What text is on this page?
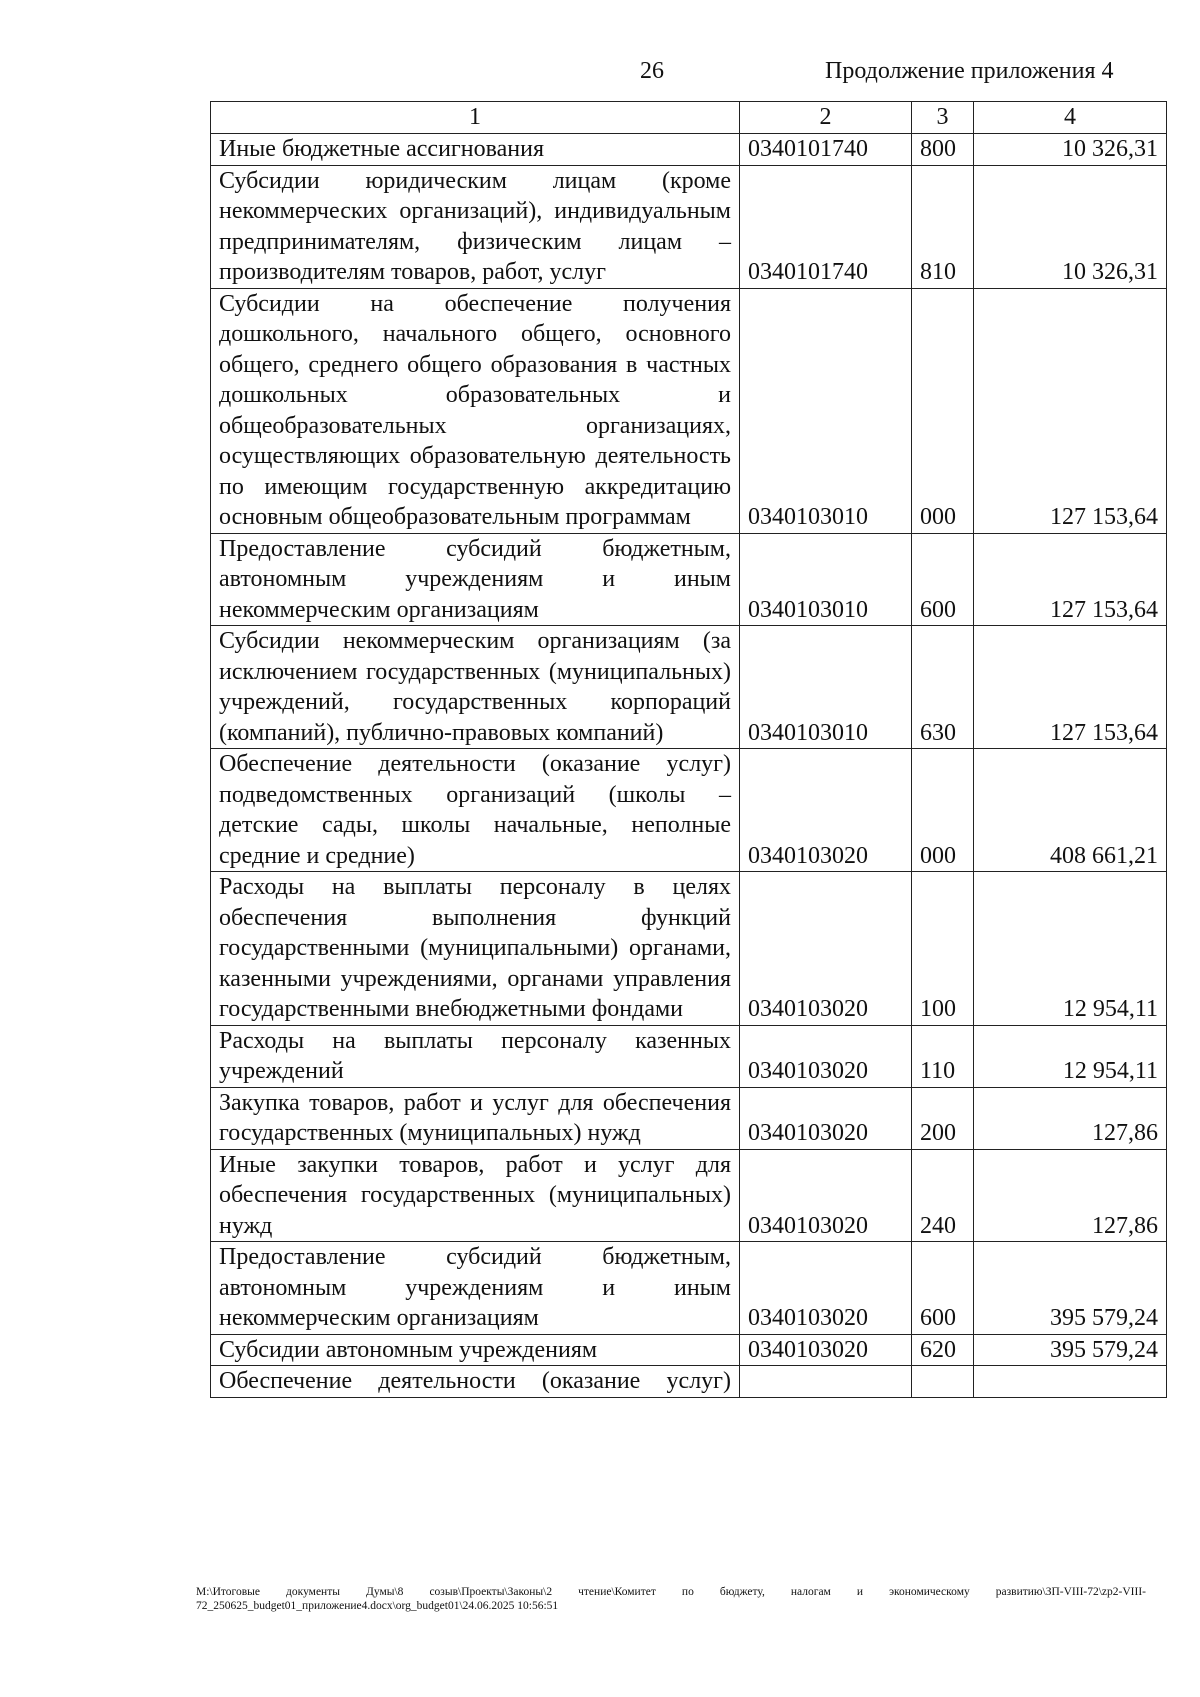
26	Продолжение приложения 4
1	2	3	4
Иные бюджетные ассигнования	0340101740	800	10 326,31
Субсидии юридическим лицам (кроме некоммерческих организаций), индивидуальным предпринимателям, физическим лицам – производителям товаров, работ, услуг	0340101740	810	10 326,31
Субсидии на обеспечение получения дошкольного, начального общего, основного общего, среднего общего образования в частных дошкольных образовательных и общеобразовательных организациях, осуществляющих образовательную деятельность по имеющим государственную аккредитацию основным общеобразовательным программам	0340103010	000	127 153,64
Предоставление субсидий бюджетным, автономным учреждениям и иным некоммерческим организациям	0340103010	600	127 153,64
Субсидии некоммерческим организациям (за исключением государственных (муниципальных) учреждений, государственных корпораций (компаний), публично-правовых компаний)	0340103010	630	127 153,64
Обеспечение деятельности (оказание услуг) подведомственных организаций (школы – детские сады, школы начальные, неполные средние и средние)	0340103020	000	408 661,21
Расходы на выплаты персоналу в целях обеспечения выполнения функций государственными (муниципальными) органами, казенными учреждениями, органами управления государственными внебюджетными фондами	0340103020	100	12 954,11
Расходы на выплаты персоналу казенных учреждений	0340103020	110	12 954,11
Закупка товаров, работ и услуг для обеспечения государственных (муниципальных) нужд	0340103020	200	127,86
Иные закупки товаров, работ и услуг для обеспечения государственных (муниципальных) нужд	0340103020	240	127,86
Предоставление субсидий бюджетным, автономным учреждениям и иным некоммерческим организациям	0340103020	600	395 579,24
Субсидии автономным учреждениям	0340103020	620	395 579,24
Обеспечение деятельности (оказание услуг)			
M:\Итоговые документы Думы\8 созыв\Проекты\Законы\2 чтение\Комитет по бюджету, налогам и экономическому развитию\ЗП-VIII-72\zp2-VIII-72_250625_budget01_приложение4.docx\org_budget01\24.06.2025 10:56:51
